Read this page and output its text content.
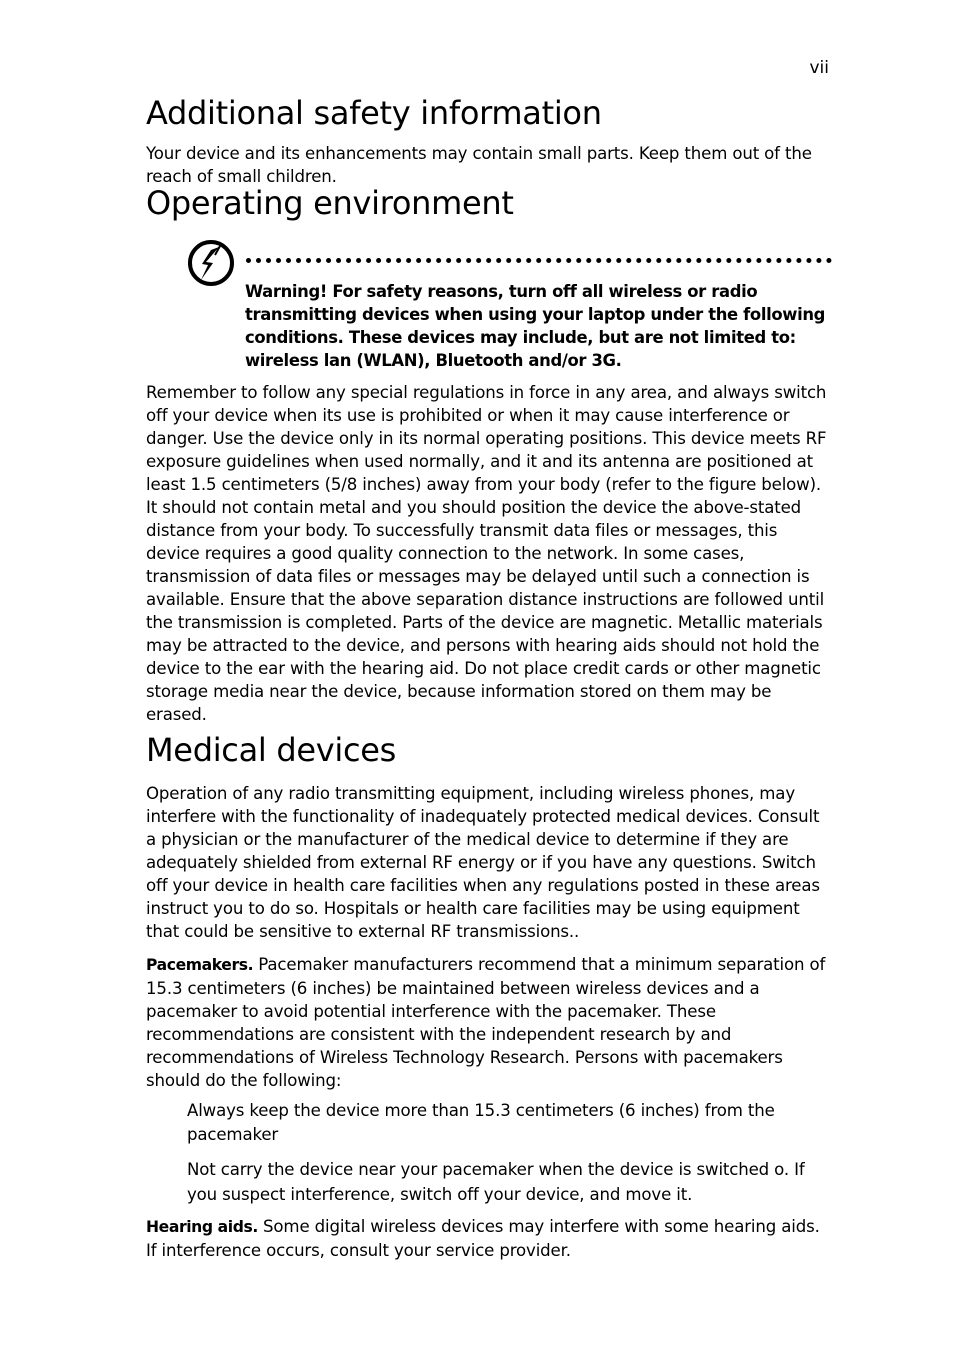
vii
Additional safety information

Your device and its enhancements may contain small parts. Keep them out of the reach of small children.

Operating environment
Warning! For safety reasons, turn off all wireless or radio transmitting devices when using your laptop under the following conditions. These devices may include, but are not limited to: wireless lan (WLAN), Bluetooth and/or 3G.

Remember to follow any special regulations in force in any area, and always switch off your device when its use is prohibited or when it may cause interference or danger. Use the device only in its normal operating positions. This device meets RF exposure guidelines when used normally, and it and its antenna are positioned at least 1.5 centimeters (5/8 inches) away from your body (refer to the figure below). It should not contain metal and you should position the device the above-stated distance from your body. To successfully transmit data files or messages, this device requires a good quality connection to the network. In some cases, transmission of data files or messages may be delayed until such a connection is available. Ensure that the above separation distance instructions are followed until the transmission is completed. Parts of the device are magnetic. Metallic materials may be attracted to the device, and persons with hearing aids should not hold the device to the ear with the hearing aid. Do not place credit cards or other magnetic storage media near the device, because information stored on them may be erased.

Medical devices

Operation of any radio transmitting equipment, including wireless phones, may interfere with the functionality of inadequately protected medical devices. Consult a physician or the manufacturer of the medical device to determine if they are adequately shielded from external RF energy or if you have any questions. Switch off your device in health care facilities when any regulations posted in these areas instruct you to do so. Hospitals or health care facilities may be using equipment that could be sensitive to external RF transmissions..

Pacemakers. Pacemaker manufacturers recommend that a minimum separation of 15.3 centimeters (6 inches) be maintained between wireless devices and a pacemaker to avoid potential interference with the pacemaker. These recommendations are consistent with the independent research by and recommendations of Wireless Technology Research. Persons with pacemakers should do the following:

Always keep the device more than 15.3 centimeters (6 inches) from the pacemaker

Not carry the device near your pacemaker when the device is switched o. If you suspect interference, switch off your device, and move it.

Hearing aids. Some digital wireless devices may interfere with some hearing aids. If interference occurs, consult your service provider.
